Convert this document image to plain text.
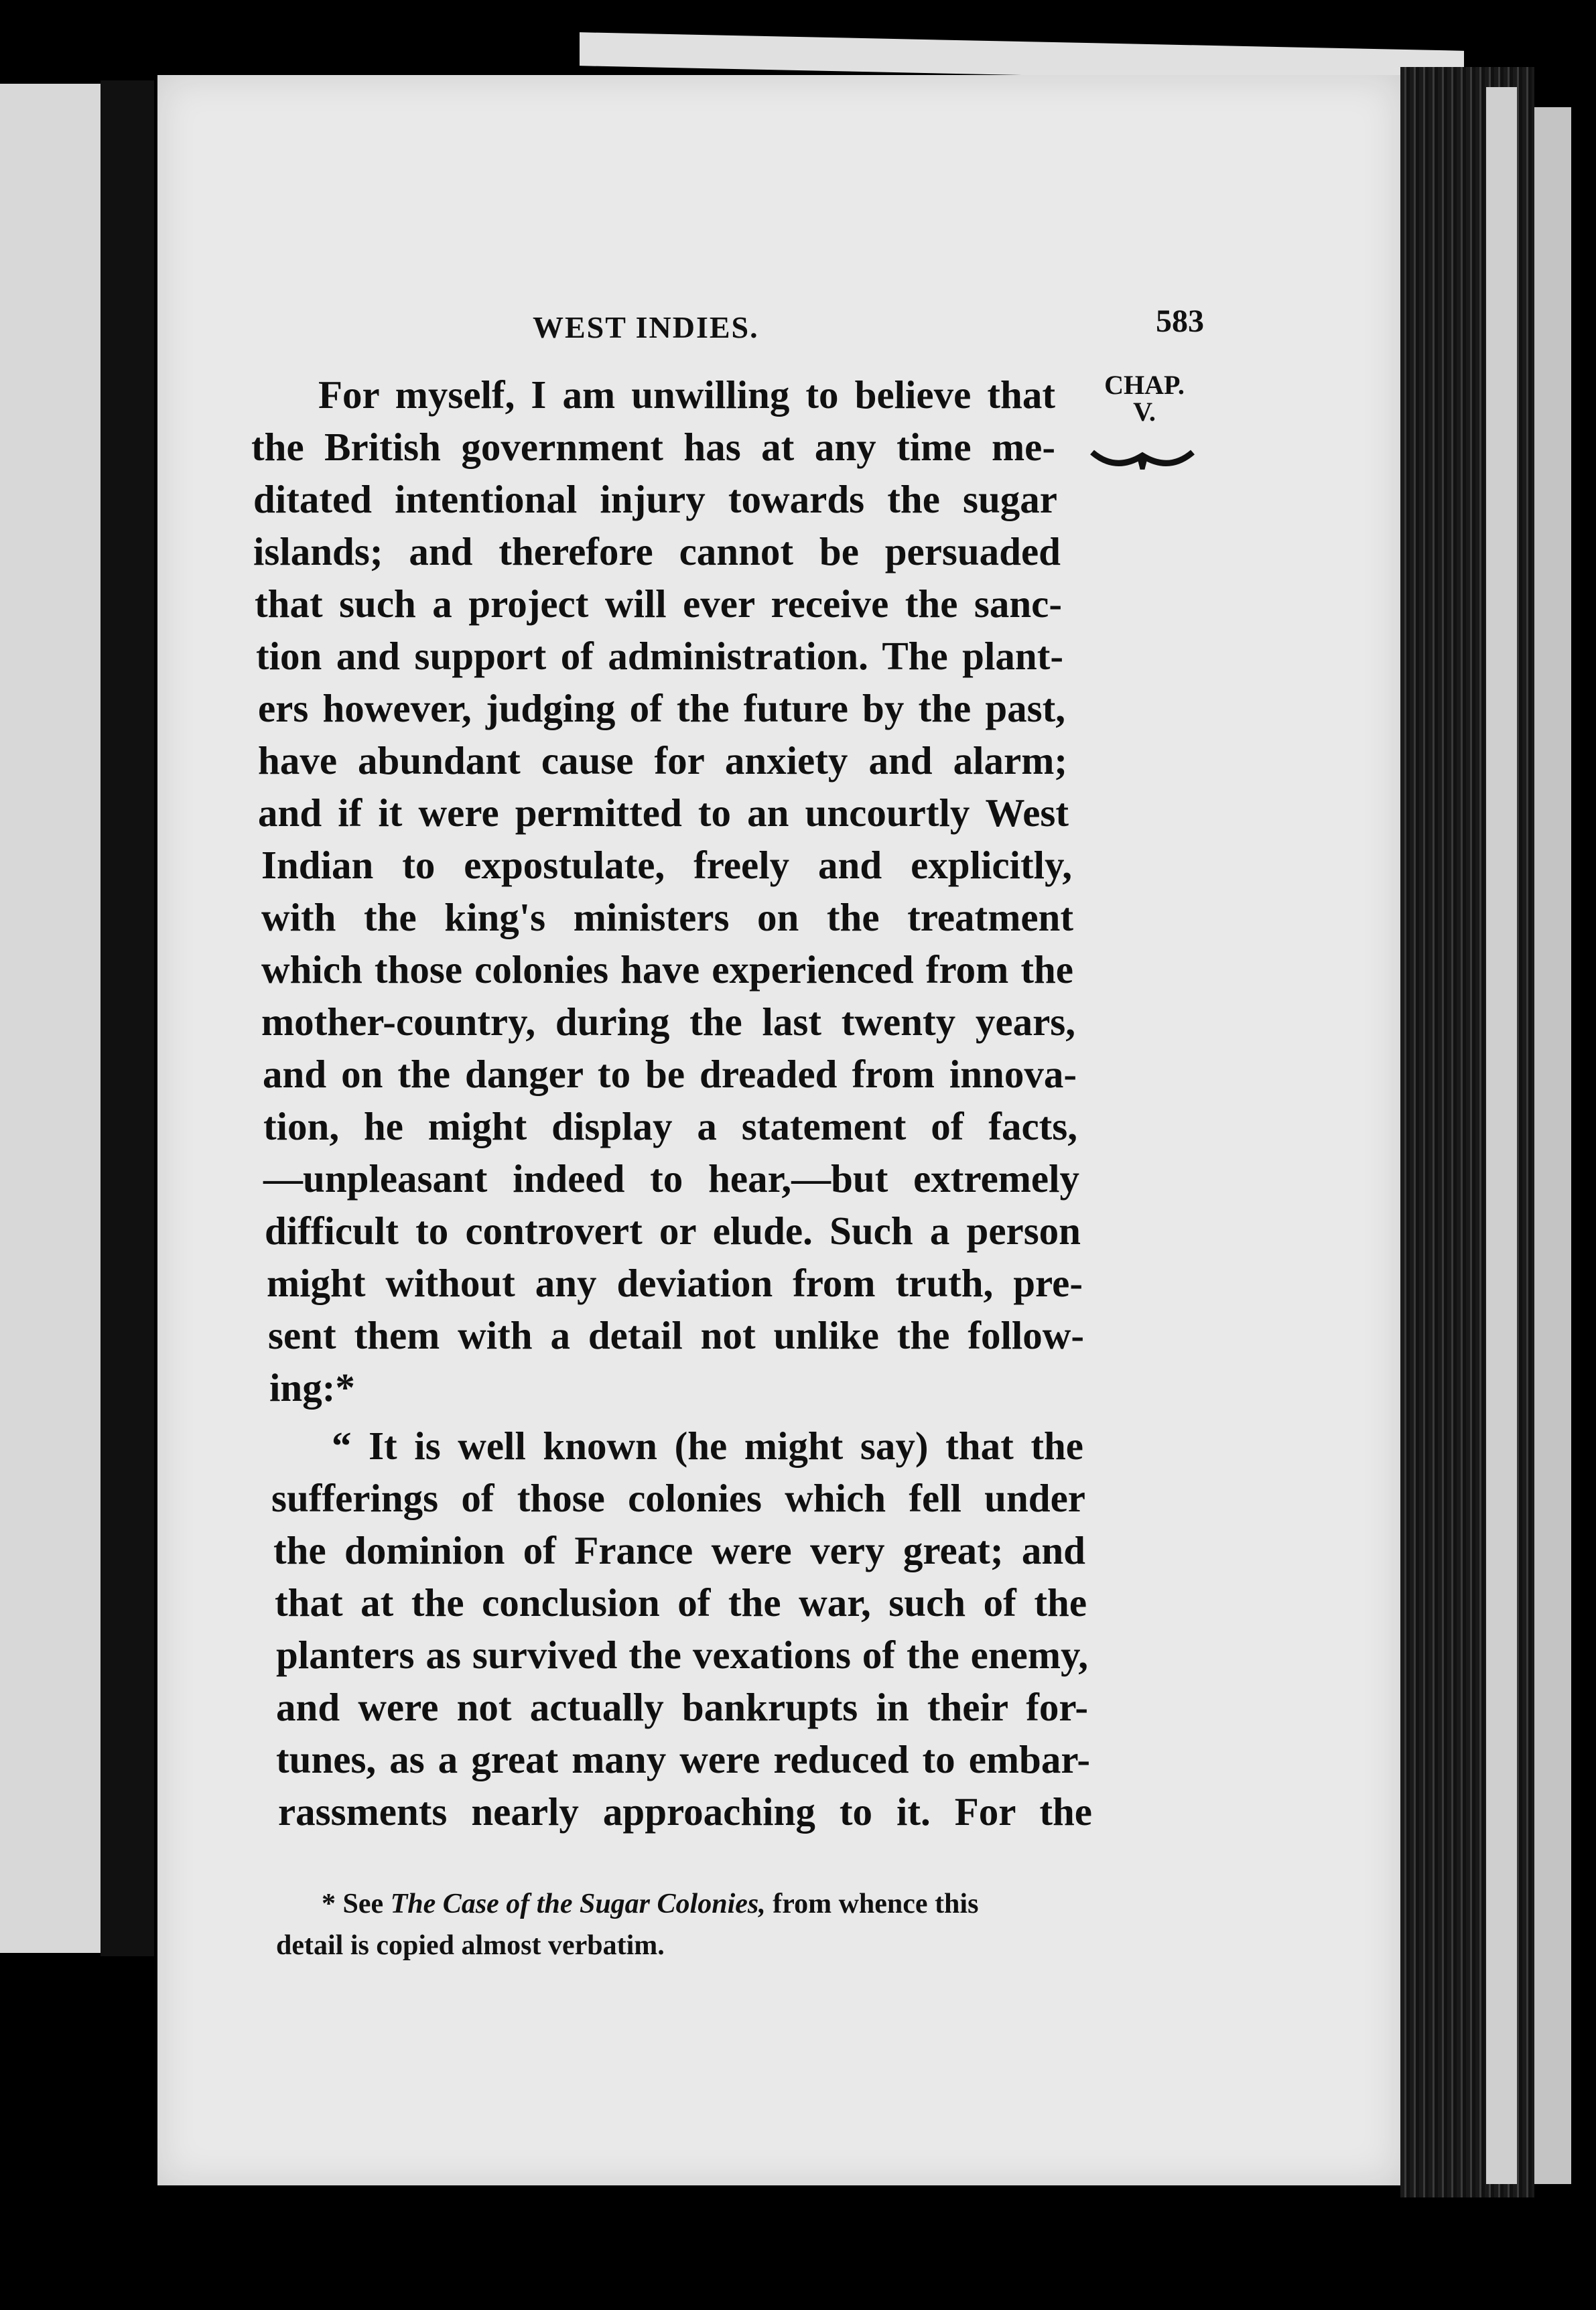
WEST INDIES.	583
CHAP.
V.

For myself, I am unwilling to believe that

the British government has at any time me-

ditated intentional injury towards the sugar

islands; and therefore cannot be persuaded

that such a project will ever receive the sanc-

tion and support of administration. The plant-

ers however, judging of the future by the past,

have abundant cause for anxiety and alarm;

and if it were permitted to an uncourtly West

Indian to expostulate, freely and explicitly,

with the king's ministers on the treatment

which those colonies have experienced from the

mother-country, during the last twenty years,

and on the danger to be dreaded from innova-

tion, he might display a statement of facts,

—unpleasant indeed to hear,—but extremely

difficult to controvert or elude. Such a person

might without any deviation from truth, pre-

sent them with a detail not unlike the follow-

ing:*

“ It is well known (he might say) that the

sufferings of those colonies which fell under

the dominion of France were very great; and

that at the conclusion of the war, such of the

planters as survived the vexations of the enemy,

and were not actually bankrupts in their for-

tunes, as a great many were reduced to embar-

rassments nearly approaching to it. For the

* See The Case of the Sugar Colonies, from whence this
detail is copied almost verbatim.
